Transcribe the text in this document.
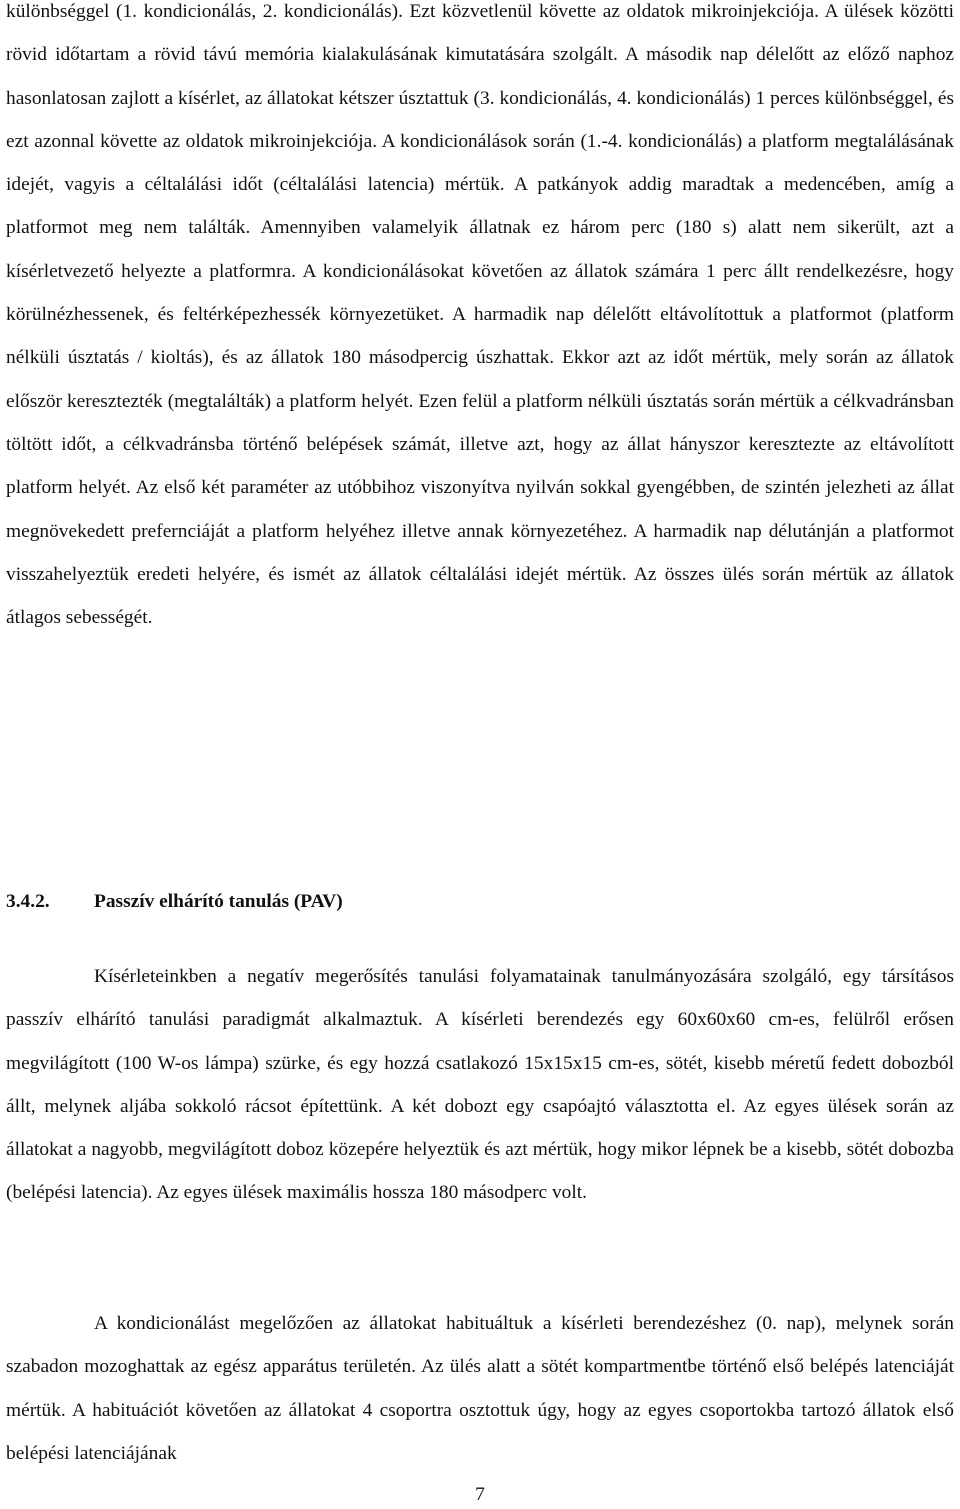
különbséggel (1. kondicionálás, 2. kondicionálás). Ezt közvetlenül követte az oldatok mikroinjekciója. A ülések közötti rövid időtartam a rövid távú memória kialakulásának kimutatására szolgált. A második nap délelőtt az előző naphoz hasonlatosan zajlott a kísérlet, az állatokat kétszer úsztattuk (3. kondicionálás, 4. kondicionálás) 1 perces különbséggel, és ezt azonnal követte az oldatok mikroinjekciója. A kondicionálások során (1.-4. kondicionálás) a platform megtalálásának idejét, vagyis a céltalálási időt (céltalálási latencia) mértük. A patkányok addig maradtak a medencében, amíg a platformot meg nem találták. Amennyiben valamelyik állatnak ez három perc (180 s) alatt nem sikerült, azt a kísérletvezető helyezte a platformra. A kondicionálásokat követően az állatok számára 1 perc állt rendelkezésre, hogy körülnézhessenek, és feltérképezhessék környezetüket. A harmadik nap délelőtt eltávolítottuk a platformot (platform nélküli úsztatás / kioltás), és az állatok 180 másodpercig úszhattak. Ekkor azt az időt mértük, mely során az állatok először keresztezték (megtalálták) a platform helyét. Ezen felül a platform nélküli úsztatás során mértük a célkvadránsban töltött időt, a célkvadránsba történő belépések számát, illetve azt, hogy az állat hányszor keresztezte az eltávolított platform helyét. Az első két paraméter az utóbbihoz viszonyítva nyilván sokkal gyengébben, de szintén jelezheti az állat megnövekedett prefernciáját a platform helyéhez illetve annak környezetéhez. A harmadik nap délutánján a platformot visszahelyeztük eredeti helyére, és ismét az állatok céltalálási idejét mértük. Az összes ülés során mértük az állatok átlagos sebességét.

3.4.2. Passzív elhárító tanulás (PAV)

Kísérleteinkben a negatív megerősítés tanulási folyamatainak tanulmányozására szolgáló, egy társításos passzív elhárító tanulási paradigmát alkalmaztuk. A kísérleti berendezés egy 60x60x60 cm-es, felülről erősen megvilágított (100 W-os lámpa) szürke, és egy hozzá csatlakozó 15x15x15 cm-es, sötét, kisebb méretű fedett dobozból állt, melynek aljába sokkoló rácsot építettünk. A két dobozt egy csapóajtó választotta el. Az egyes ülések során az állatokat a nagyobb, megvilágított doboz közepére helyeztük és azt mértük, hogy mikor lépnek be a kisebb, sötét dobozba (belépési latencia). Az egyes ülések maximális hossza 180 másodperc volt.

A kondicionálást megelőzően az állatokat habituáltuk a kísérleti berendezéshez (0. nap), melynek során szabadon mozoghattak az egész apparátus területén. Az ülés alatt a sötét kompartmentbe történő első belépés latenciáját mértük. A habituációt követően az állatokat 4 csoportra osztottuk úgy, hogy az egyes csoportokba tartozó állatok első belépési latenciájának

7
